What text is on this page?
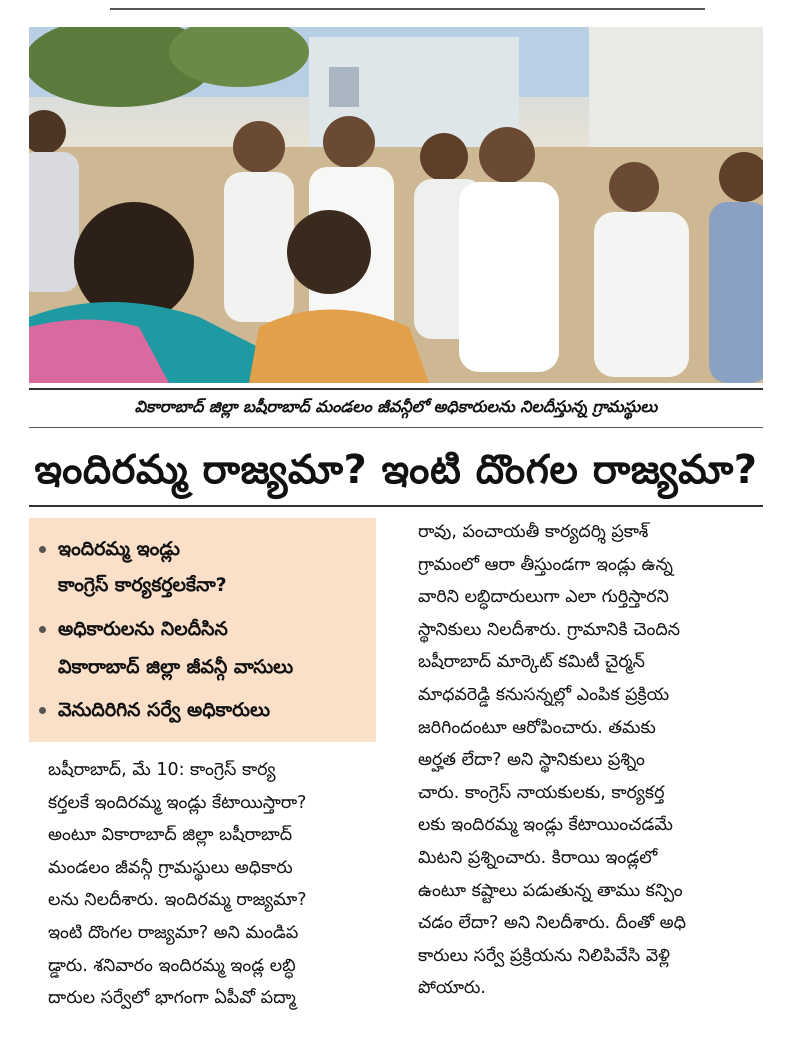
వికారాబాద్ జిల్లా బషీరాబాద్ మండలం జీవన్గీలో అధికారులను నిలదీస్తున్న గ్రామస్థులు
ఇందిరమ్మ రాజ్యమా? ఇంటి దొంగల రాజ్యమా?
ఇందిరమ్మ ఇండ్లు
కాంగ్రెస్ కార్యకర్తలకేనా?
అధికారులను నిలదీసిన
వికారాబాద్ జిల్లా జీవన్గీ వాసులు
వెనుదిరిగిన సర్వే అధికారులు
బషీరాబాద్, మే 10: కాంగ్రెస్ కార్య
కర్తలకే ఇందిరమ్మ ఇండ్లు కేటాయిస్తారా?
అంటూ వికారాబాద్ జిల్లా బషీరాబాద్
మండలం జీవన్గీ గ్రామస్థులు అధికారు
లను నిలదీశారు. ఇందిరమ్మ రాజ్యమా?
ఇంటి దొంగల రాజ్యమా? అని మండిప
డ్డారు. శనివారం ఇందిరమ్మ ఇండ్ల లబ్ధి
దారుల సర్వేలో భాగంగా ఏపీవో పద్మా
రావు, పంచాయతీ కార్యదర్శి ప్రకాశ్
గ్రామంలో ఆరా తీస్తుండగా ఇండ్లు ఉన్న
వారిని లబ్ధిదారులుగా ఎలా గుర్తిస్తారని
స్థానికులు నిలదీశారు. గ్రామానికి చెందిన
బషీరాబాద్ మార్కెట్ కమిటీ చైర్మన్
మాధవరెడ్డి కనుసన్నల్లో ఎంపిక ప్రక్రియ
జరిగిందంటూ ఆరోపించారు. తమకు
అర్హత లేదా? అని స్థానికులు ప్రశ్నిం
చారు. కాంగ్రెస్ నాయకులకు, కార్యకర్త
లకు ఇందిరమ్మ ఇండ్లు కేటాయించడమే
మిటని ప్రశ్నించారు. కిరాయి ఇండ్లలో
ఉంటూ కష్టాలు పడుతున్న తాము కన్పిం
చడం లేదా? అని నిలదీశారు. దీంతో అధి
కారులు సర్వే ప్రక్రియను నిలిపివేసి వెళ్లి
పోయారు.
